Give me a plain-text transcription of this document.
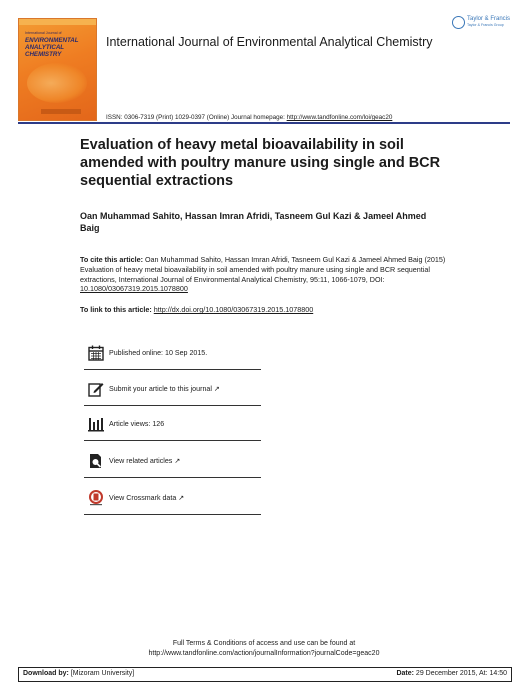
International Journal of
ENVIRONMENTAL
ANALYTICAL
CHEMISTRY
International Journal of Environmental Analytical Chemistry
Taylor & Francis
Taylor & Francis Group
ISSN: 0306-7319 (Print) 1029-0397 (Online) Journal homepage: http://www.tandfonline.com/loi/geac20
Evaluation of heavy metal bioavailability in soil amended with poultry manure using single and BCR sequential extractions
Oan Muhammad Sahito, Hassan Imran Afridi, Tasneem Gul Kazi & Jameel Ahmed Baig
To cite this article: Oan Muhammad Sahito, Hassan Imran Afridi, Tasneem Gul Kazi & Jameel Ahmed Baig (2015) Evaluation of heavy metal bioavailability in soil amended with poultry manure using single and BCR sequential extractions, International Journal of Environmental Analytical Chemistry, 95:11, 1066-1079, DOI: 10.1080/03067319.2015.1078800
To link to this article: http://dx.doi.org/10.1080/03067319.2015.1078800
Published online: 10 Sep 2015.
Submit your article to this journal ↗
Article views: 126
View related articles ↗
View Crossmark data ↗
Full Terms & Conditions of access and use can be found at
http://www.tandfonline.com/action/journalInformation?journalCode=geac20
Download by: [Mizoram University]	Date: 29 December 2015, At: 14:50
